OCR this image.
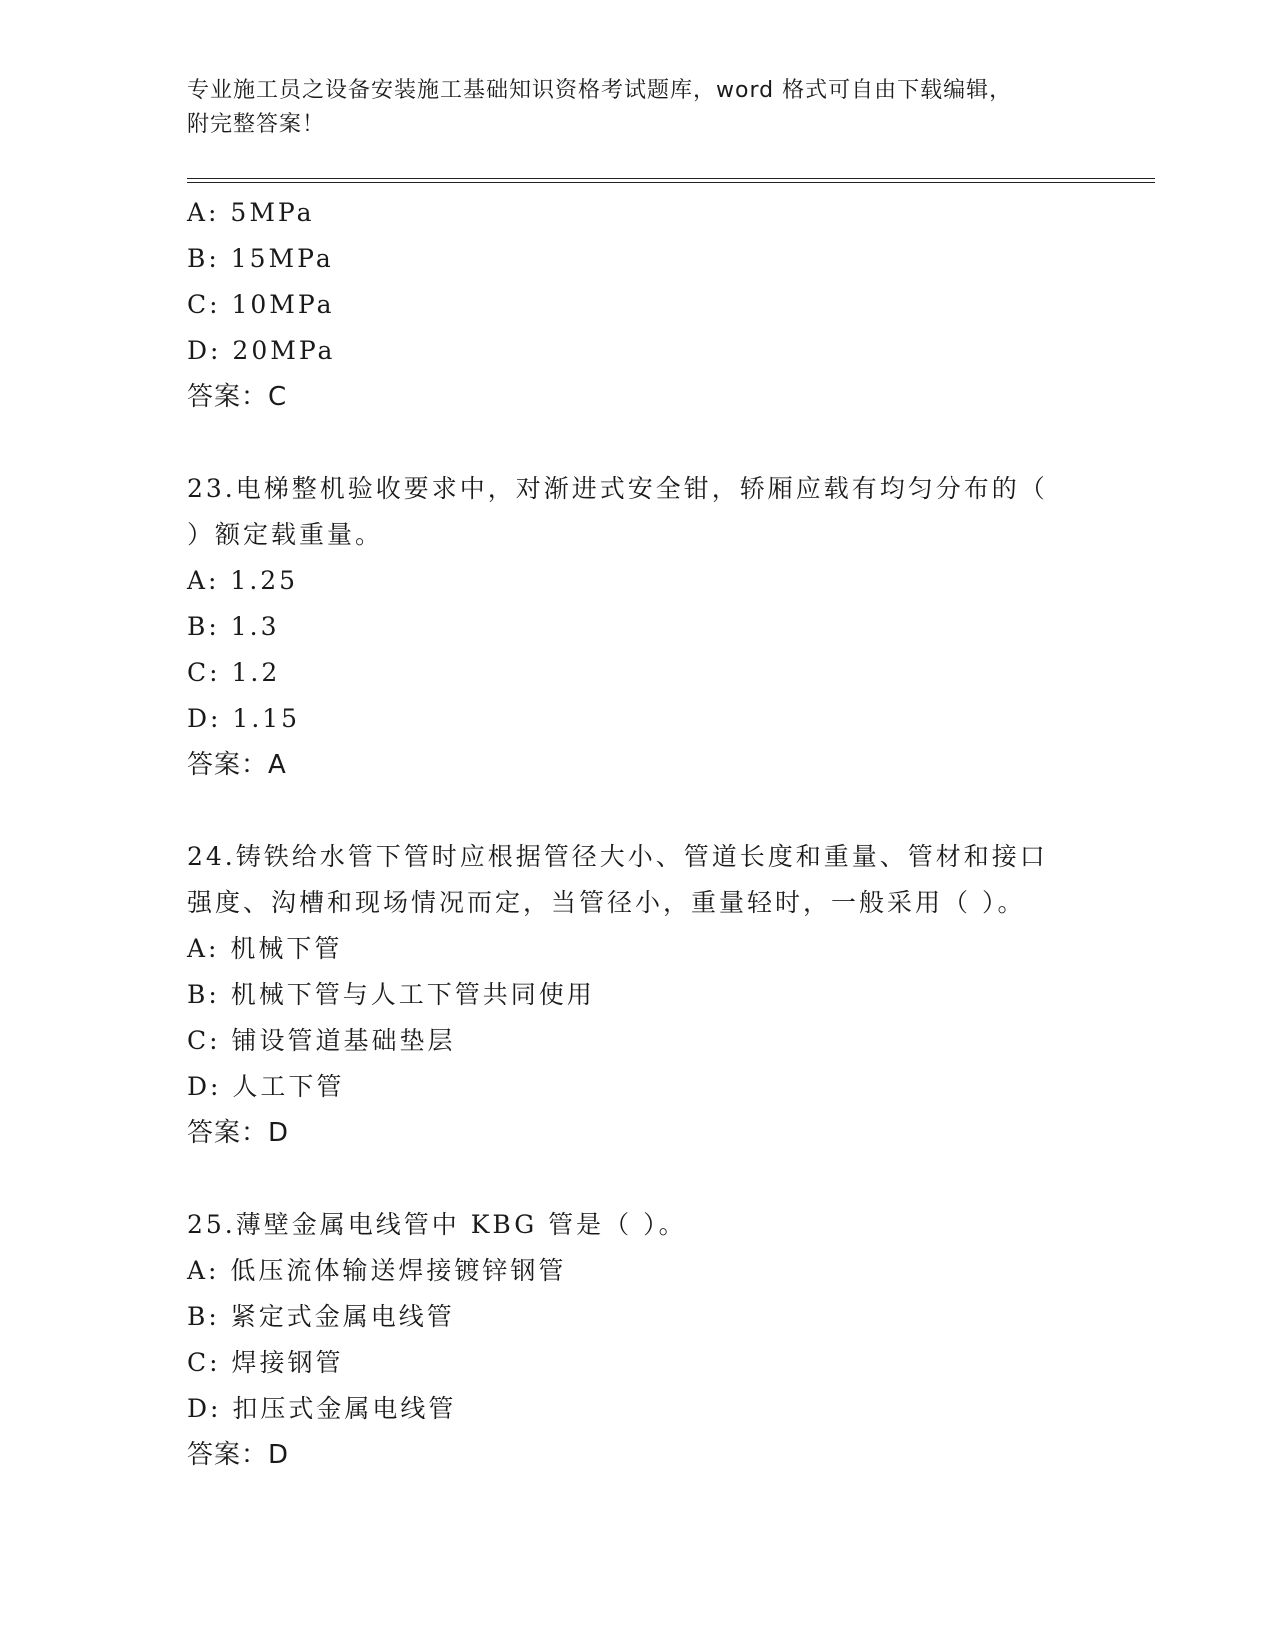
专业施工员之设备安装施工基础知识资格考试题库，word 格式可自由下载编辑，
附完整答案！
A: 5MPa
B: 15MPa
C: 10MPa
D: 20MPa
答案：C
23.电梯整机验收要求中，对渐进式安全钳，轿厢应载有均匀分布的（
）额定载重量。
A: 1.25
B: 1.3
C: 1.2
D: 1.15
答案：A
24.铸铁给水管下管时应根据管径大小、管道长度和重量、管材和接口
强度、沟槽和现场情况而定，当管径小，重量轻时，一般采用（ ）。
A: 机械下管
B: 机械下管与人工下管共同使用
C: 铺设管道基础垫层
D: 人工下管
答案：D
25.薄壁金属电线管中 KBG 管是（ ）。
A: 低压流体输送焊接镀锌钢管
B: 紧定式金属电线管
C: 焊接钢管
D: 扣压式金属电线管
答案：D
